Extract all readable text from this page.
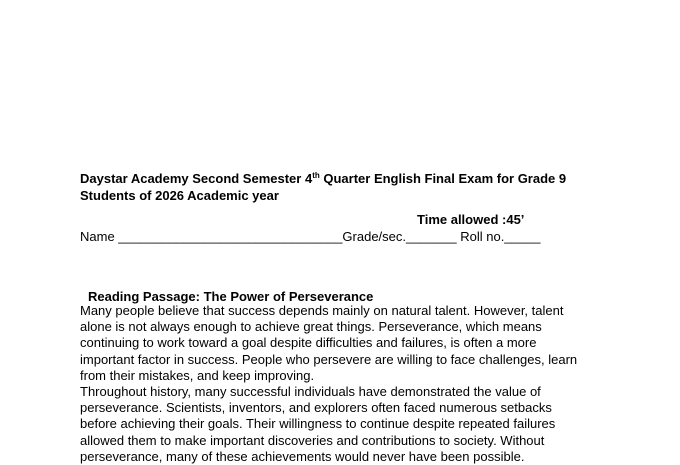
Daystar Academy Second Semester 4th Quarter English Final Exam for Grade 9
Students of 2026 Academic year
Time allowed :45’
Name _______________________________Grade/sec._______ Roll no._____
Reading Passage: The Power of Perseverance
Many people believe that success depends mainly on natural talent. However, talent
alone is not always enough to achieve great things. Perseverance, which means
continuing to work toward a goal despite difficulties and failures, is often a more
important factor in success. People who persevere are willing to face challenges, learn
from their mistakes, and keep improving.
Throughout history, many successful individuals have demonstrated the value of
perseverance. Scientists, inventors, and explorers often faced numerous setbacks
before achieving their goals. Their willingness to continue despite repeated failures
allowed them to make important discoveries and contributions to society. Without
perseverance, many of these achievements would never have been possible.
